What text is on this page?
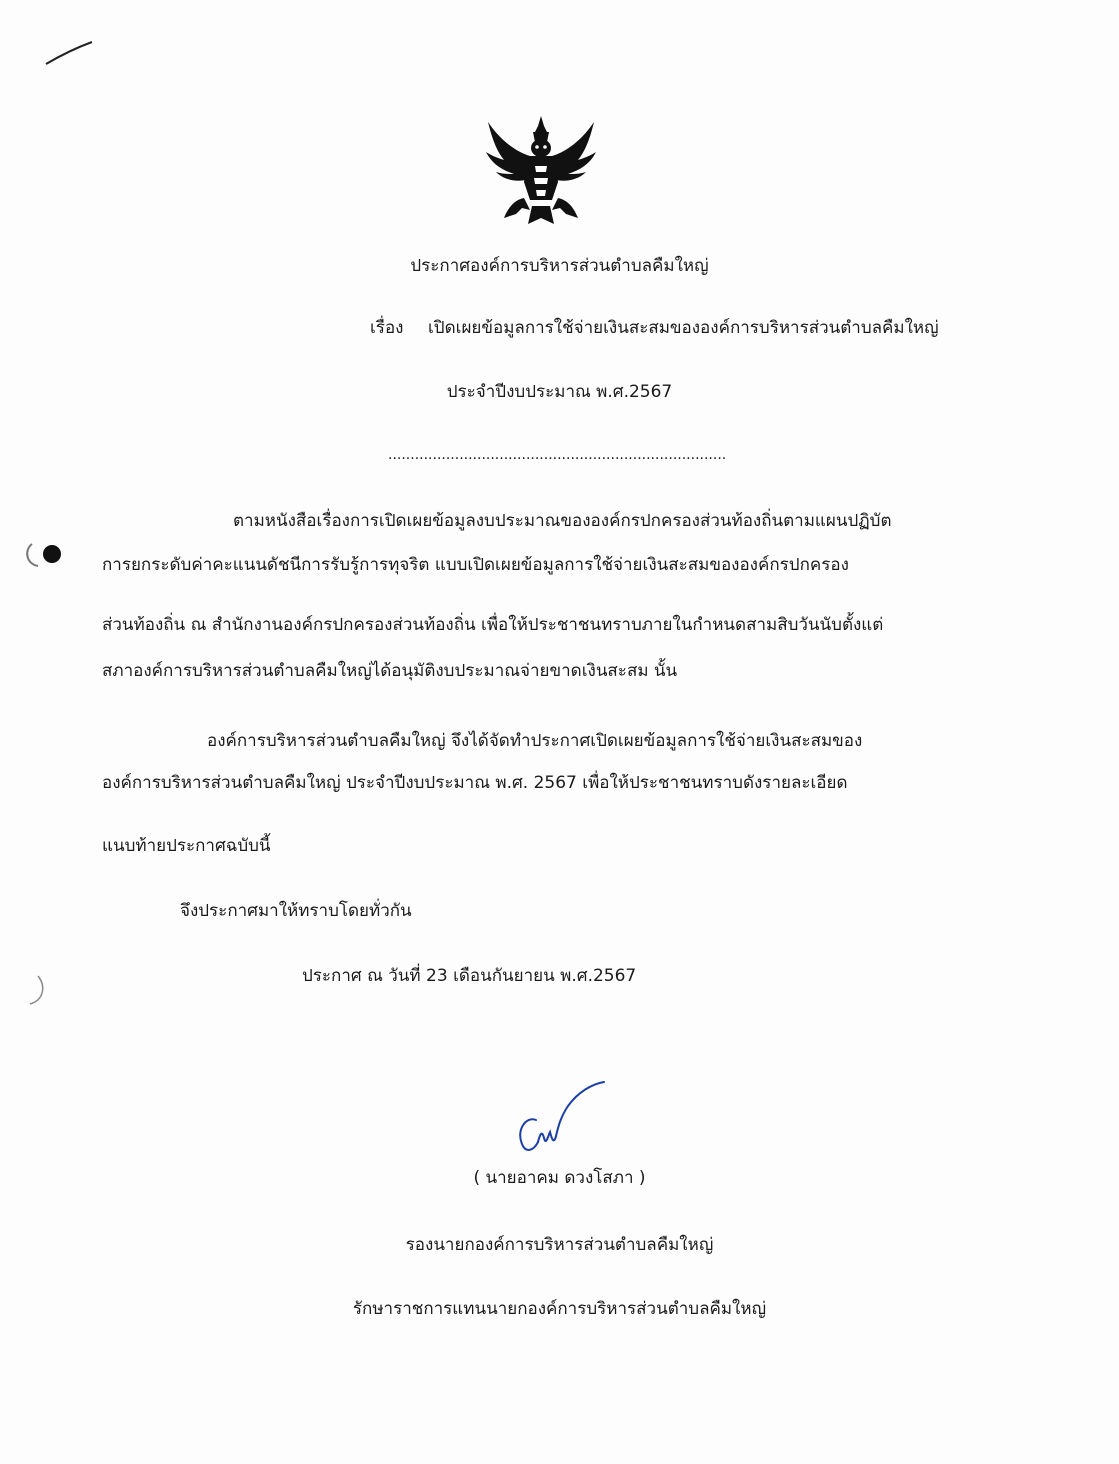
ประกาศองค์การบริหารส่วนตำบลคืมใหญ่
เรื่อง เปิดเผยข้อมูลการใช้จ่ายเงินสะสมขององค์การบริหารส่วนตำบลคืมใหญ่
ประจำปีงบประมาณ พ.ศ.2567
............................................................................
ตามหนังสือเรื่องการเปิดเผยข้อมูลงบประมาณขององค์กรปกครองส่วนท้องถิ่นตามแผนปฏิบัต
การยกระดับค่าคะแนนดัชนีการรับรู้การทุจริต แบบเปิดเผยข้อมูลการใช้จ่ายเงินสะสมขององค์กรปกครอง
ส่วนท้องถิ่น ณ สำนักงานองค์กรปกครองส่วนท้องถิ่น เพื่อให้ประชาชนทราบภายในกำหนดสามสิบวันนับตั้งแต่
สภาองค์การบริหารส่วนตำบลคืมใหญ่ได้อนุมัติงบประมาณจ่ายขาดเงินสะสม นั้น
องค์การบริหารส่วนตำบลคืมใหญ่ จึงได้จัดทำประกาศเปิดเผยข้อมูลการใช้จ่ายเงินสะสมของ
องค์การบริหารส่วนตำบลคืมใหญ่ ประจำปีงบประมาณ พ.ศ. 2567 เพื่อให้ประชาชนทราบดังรายละเอียด
แนบท้ายประกาศฉบับนี้
จึงประกาศมาให้ทราบโดยทั่วกัน
ประกาศ ณ วันที่ 23 เดือนกันยายน พ.ศ.2567
( นายอาคม ดวงโสภา )
รองนายกองค์การบริหารส่วนตำบลคืมใหญ่
รักษาราชการแทนนายกองค์การบริหารส่วนตำบลคืมใหญ่
